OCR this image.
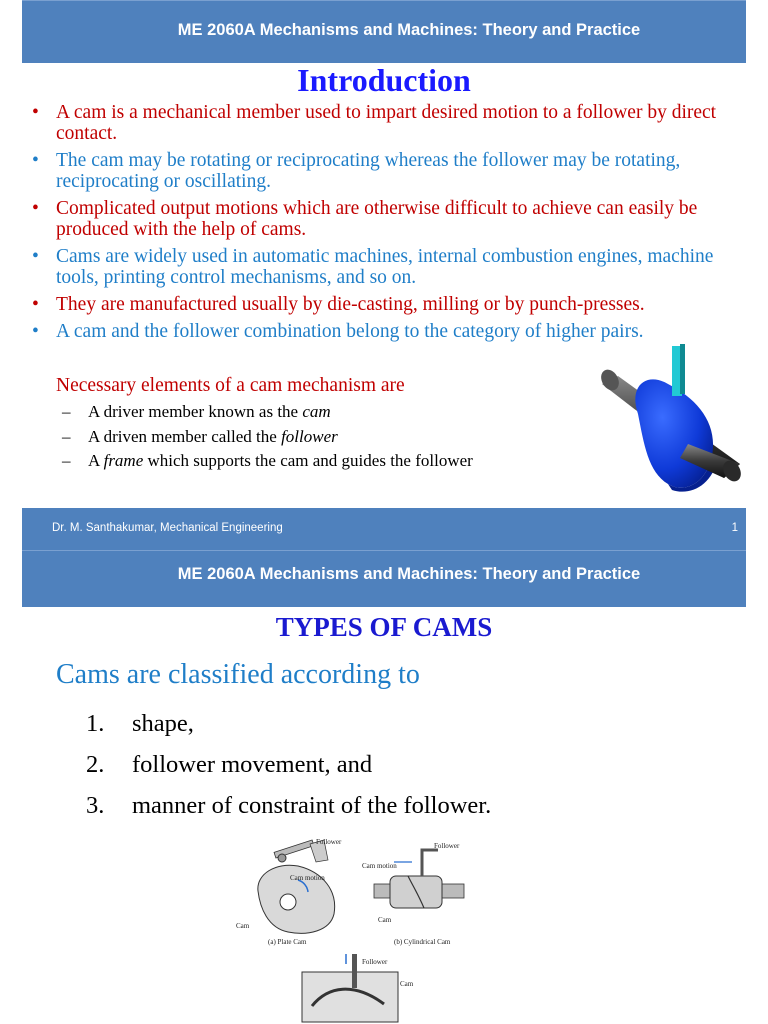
ME 2060A Mechanisms and Machines: Theory and Practice
Introduction
• A cam is a mechanical member used to impart desired motion to a follower by direct contact.
• The cam may be rotating or reciprocating whereas the follower may be rotating, reciprocating or oscillating.
• Complicated output motions which are otherwise difficult to achieve can easily be produced with the help of cams.
• Cams are widely used in automatic machines, internal combustion engines, machine tools, printing control mechanisms, and so on.
• They are manufactured usually by die-casting, milling or by punch-presses.
• A cam and the follower combination belong to the category of higher pairs.
Necessary elements of a cam mechanism are
– A driver member known as the cam
– A driven member called the follower
– A frame which supports the cam and guides the follower
Dr. M. Santhakumar, Mechanical Engineering	1
ME 2060A Mechanisms and Machines: Theory and Practice
TYPES OF CAMS
Cams are classified according to
1. shape,
2. follower movement, and
3. manner of constraint of the follower.
Follower
Cam motion
Cam
(a) Plate Cam
Follower
Cam motion
Cam
(b) Cylindrical Cam
Follower
Cam
